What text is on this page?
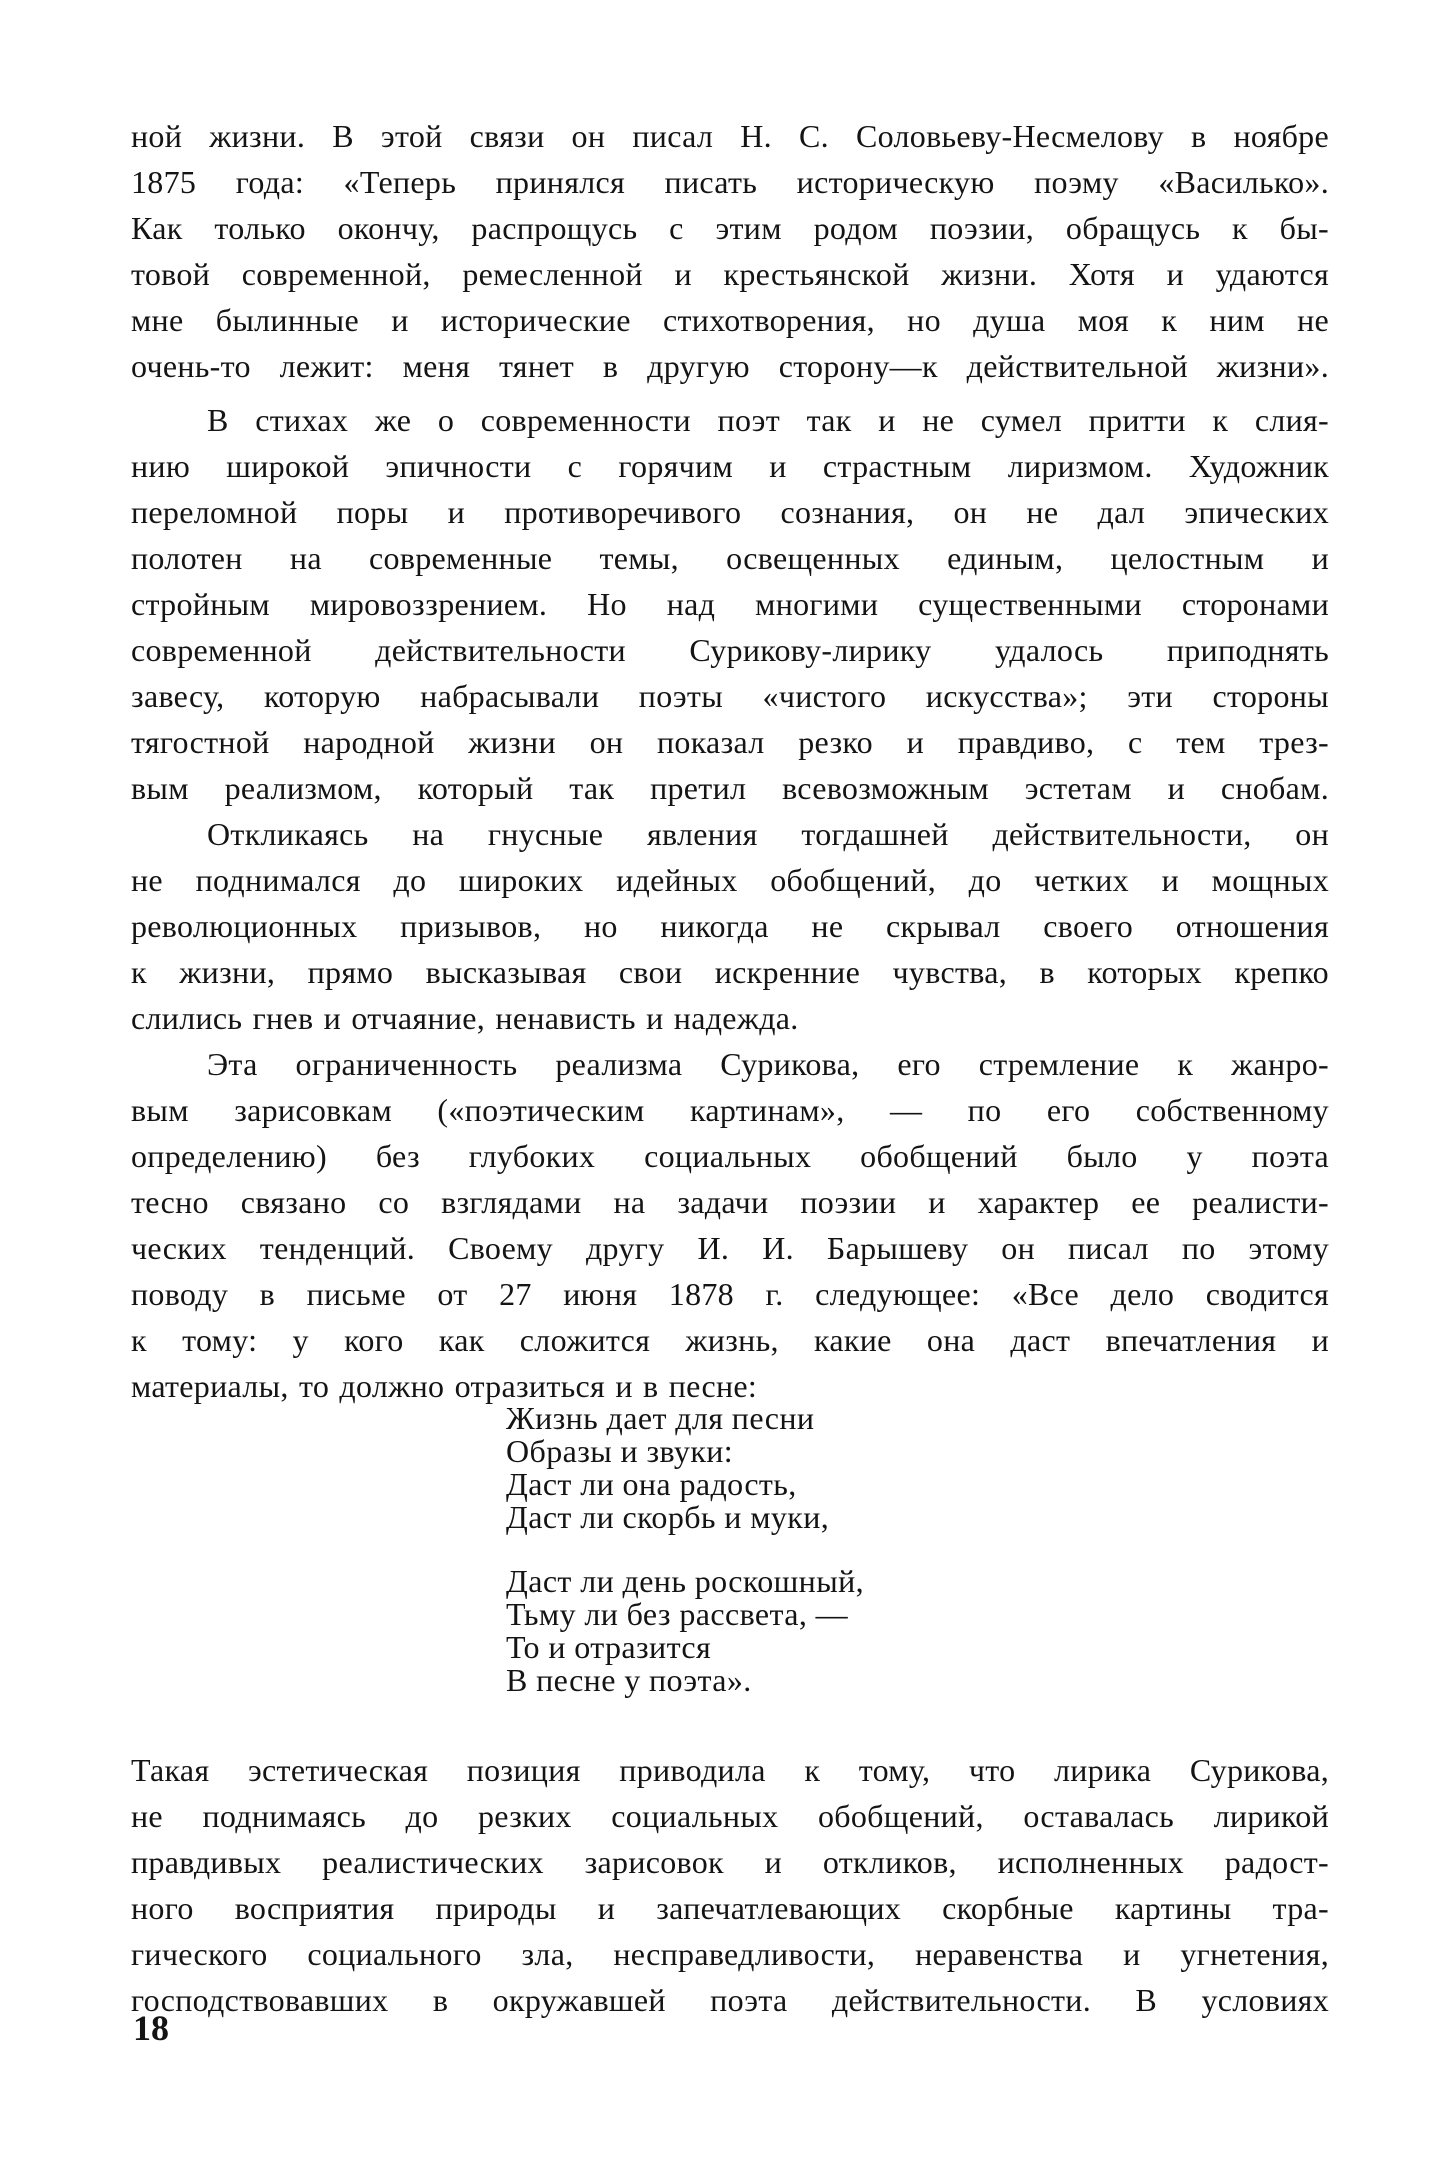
ной жизни. В этой связи он писал Н. С. Соловьеву-Несмелову в ноябре
1875 года: «Теперь принялся писать историческую поэму «Василько».
Как только окончу, распрощусь с этим родом поэзии, обращусь к бы-
товой современной, ремесленной и крестьянской жизни. Хотя и удаются
мне былинные и исторические стихотворения, но душа моя к ним не
очень-то лежит: меня тянет в другую сторону—к действительной жизни».
В стихах же о современности поэт так и не сумел притти к слия-
нию широкой эпичности с горячим и страстным лиризмом. Художник
переломной поры и противоречивого сознания, он не дал эпических
полотен на современные темы, освещенных единым, целостным и
стройным мировоззрением. Но над многими существенными сторонами
современной действительности Сурикову-лирику удалось приподнять
завесу, которую набрасывали поэты «чистого искусства»; эти стороны
тягостной народной жизни он показал резко и правдиво, с тем трез-
вым реализмом, который так претил всевозможным эстетам и снобам.
Откликаясь на гнусные явления тогдашней действительности, он
не поднимался до широких идейных обобщений, до четких и мощных
революционных призывов, но никогда не скрывал своего отношения
к жизни, прямо высказывая свои искренние чувства, в которых крепко
слились гнев и отчаяние, ненависть и надежда.
Эта ограниченность реализма Сурикова, его стремление к жанро-
вым зарисовкам («поэтическим картинам», — по его собственному
определению) без глубоких социальных обобщений было у поэта
тесно связано со взглядами на задачи поэзии и характер ее реалисти-
ческих тенденций. Своему другу И. И. Барышеву он писал по этому
поводу в письме от 27 июня 1878 г. следующее: «Все дело сводится
к тому: у кого как сложится жизнь, какие она даст впечатления и
материалы, то должно отразиться и в песне:
Жизнь дает для песни
Образы и звуки:
Даст ли она радость,
Даст ли скорбь и муки,
Даст ли день роскошный,
Тьму ли без рассвета, —
То и отразится
В песне у поэта».
Такая эстетическая позиция приводила к тому, что лирика Сурикова,
не поднимаясь до резких социальных обобщений, оставалась лирикой
правдивых реалистических зарисовок и откликов, исполненных радост-
ного восприятия природы и запечатлевающих скорбные картины тра-
гического социального зла, несправедливости, неравенства и угнетения,
господствовавших в окружавшей поэта действительности. В условиях
18
